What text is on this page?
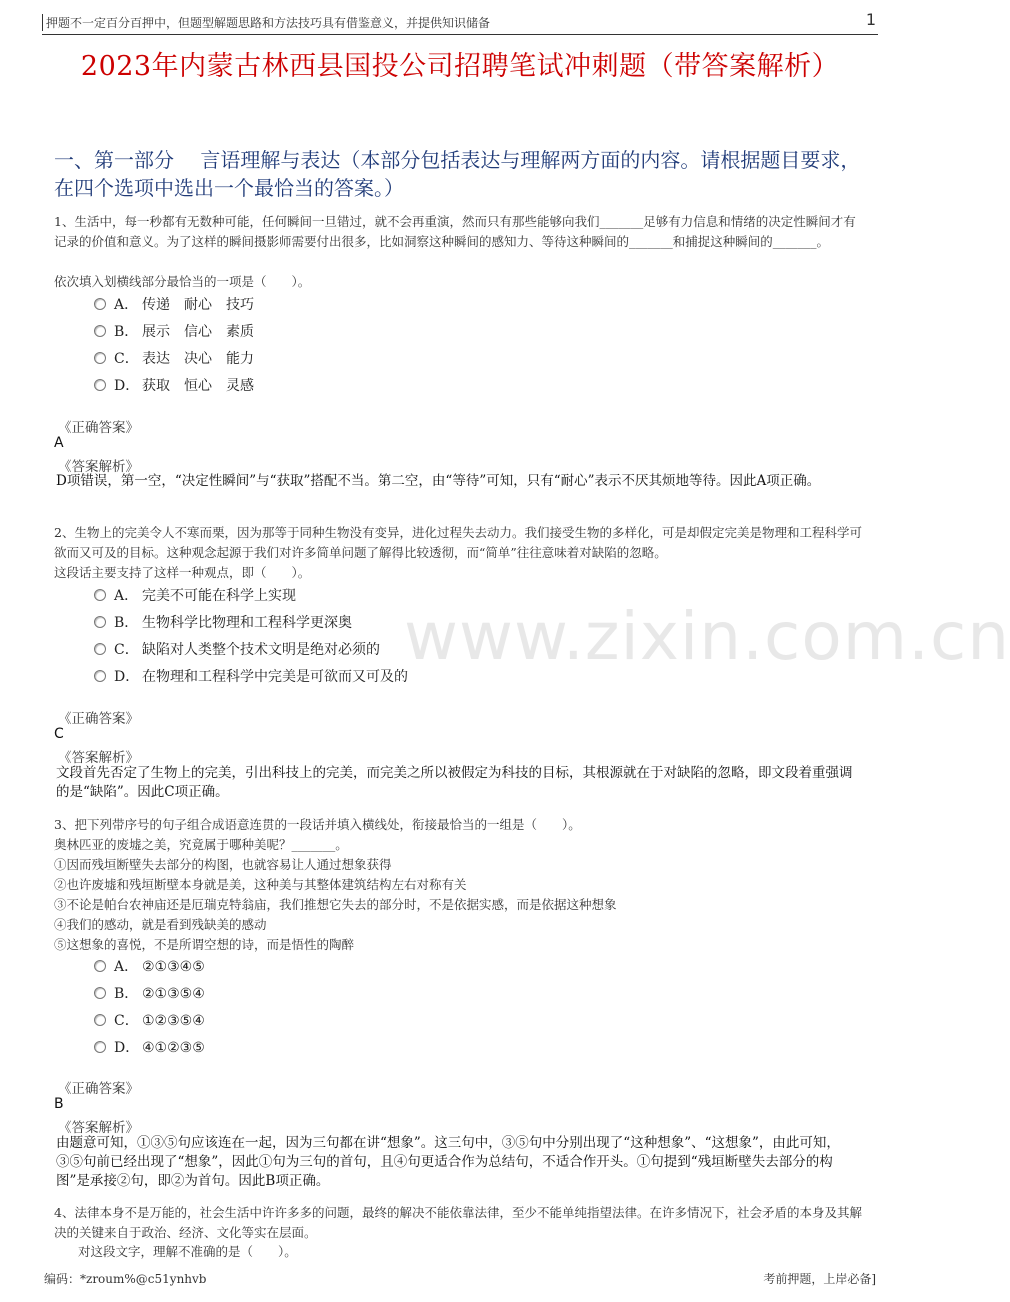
押题不一定百分百押中，但题型解题思路和方法技巧具有借鉴意义，并提供知识储备	1
www.zixin.com.cn
2023年内蒙古林西县国投公司招聘笔试冲刺题（带答案解析）
一、第一部分　 言语理解与表达（本部分包括表达与理解两方面的内容。请根据题目要求，在四个选项中选出一个最恰当的答案。）
1、生活中，每一秒都有无数种可能，任何瞬间一旦错过，就不会再重演，然而只有那些能够向我们_______足够有力信息和情绪的决定性瞬间才有记录的价值和意义。为了这样的瞬间摄影师需要付出很多，比如洞察这种瞬间的感知力、等待这种瞬间的_______和捕捉这种瞬间的_______。
依次填入划横线部分最恰当的一项是（　　）。
A． 传递 耐心 技巧
B． 展示 信心 素质
C． 表达 决心 能力
D． 获取 恒心 灵感
《正确答案》
A
《答案解析》
D项错误，第一空，“决定性瞬间”与“获取”搭配不当。第二空，由“等待”可知，只有“耐心”表示不厌其烦地等待。因此A项正确。
2、生物上的完美令人不寒而栗，因为那等于同种生物没有变异，进化过程失去动力。我们接受生物的多样化，可是却假定完美是物理和工程科学可欲而又可及的目标。这种观念起源于我们对许多简单问题了解得比较透彻，而“简单”往往意味着对缺陷的忽略。
这段话主要支持了这样一种观点，即（　　）。
A． 完美不可能在科学上实现
B． 生物科学比物理和工程科学更深奥
C． 缺陷对人类整个技术文明是绝对必须的
D． 在物理和工程科学中完美是可欲而又可及的
《正确答案》
C
《答案解析》
文段首先否定了生物上的完美，引出科技上的完美，而完美之所以被假定为科技的目标，其根源就在于对缺陷的忽略，即文段着重强调的是“缺陷”。因此C项正确。
3、把下列带序号的句子组合成语意连贯的一段话并填入横线处，衔接最恰当的一组是（　　）。
奥林匹亚的废墟之美，究竟属于哪种美呢？_______。
①因而残垣断壁失去部分的构图，也就容易让人通过想象获得
②也许废墟和残垣断壁本身就是美，这种美与其整体建筑结构左右对称有关
③不论是帕台农神庙还是厄瑞克特翁庙，我们推想它失去的部分时，不是依据实感，而是依据这种想象
④我们的感动，就是看到残缺美的感动
⑤这想象的喜悦，不是所谓空想的诗，而是悟性的陶醉
A． ②①③④⑤
B． ②①③⑤④
C． ①②③⑤④
D． ④①②③⑤
《正确答案》
B
《答案解析》
由题意可知，①③⑤句应该连在一起，因为三句都在讲“想象”。这三句中，③⑤句中分别出现了“这种想象”、“这想象”，由此可知，③⑤句前已经出现了“想象”，因此①句为三句的首句，且④句更适合作为总结句，不适合作开头。①句提到“残垣断壁失去部分的构图”是承接②句，即②为首句。因此B项正确。
4、法律本身不是万能的，社会生活中许许多多的问题，最终的解决不能依靠法律，至少不能单纯指望法律。在许多情况下，社会矛盾的本身及其解决的关键来自于政治、经济、文化等实在层面。
对这段文字，理解不准确的是（　　）。
编码：*zroum%@c51ynhvb	考前押题，上岸必备]
